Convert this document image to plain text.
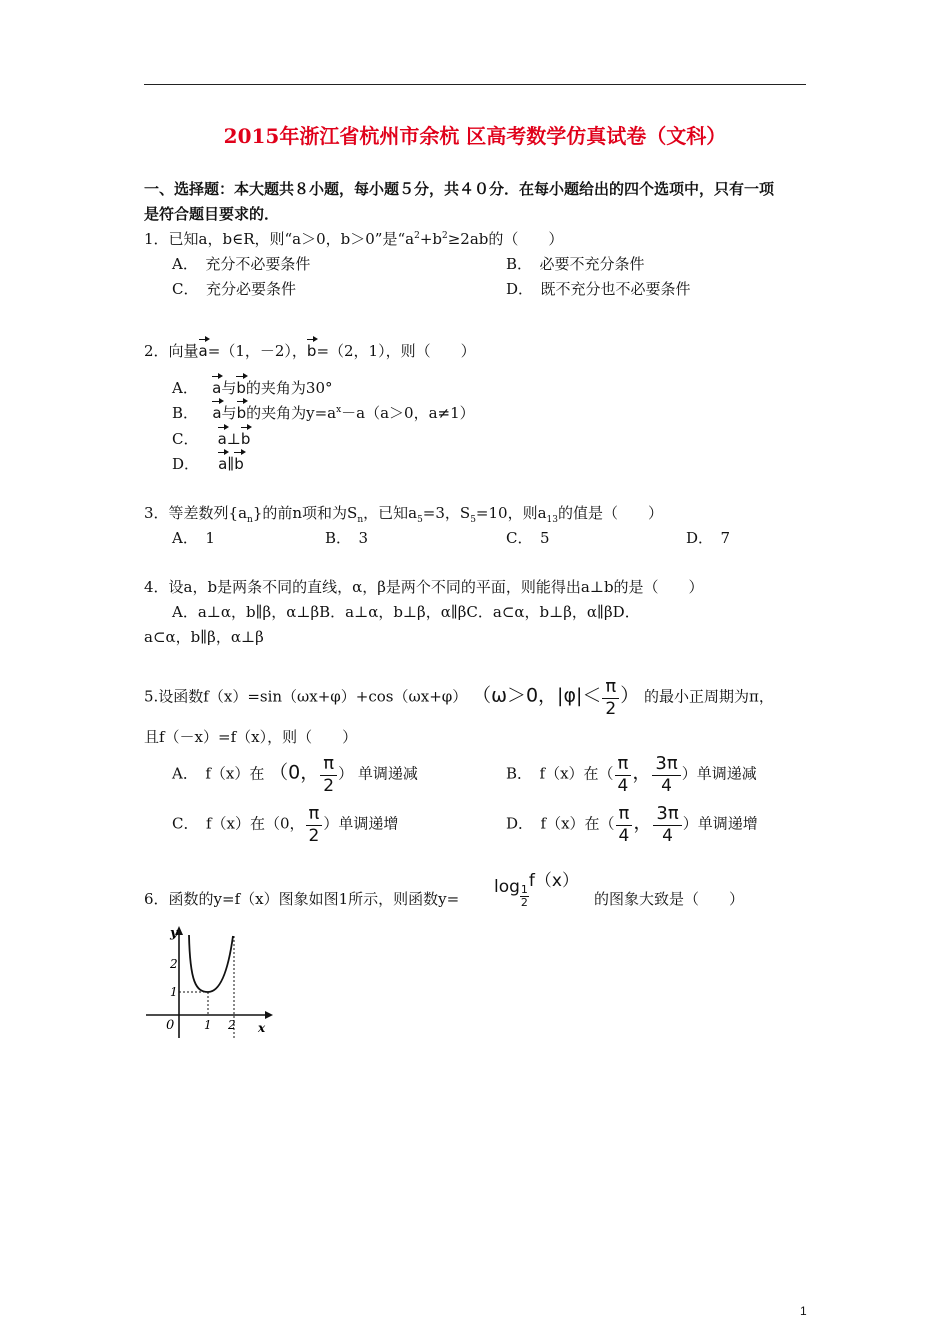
2015年浙江省杭州市余杭 区高考数学仿真试卷（文科）
一、选择题：本大题共８小题，每小题５分，共４０分．在每小题给出的四个选项中，只有一项
是符合题目要求的．
1．已知a，b∈R，则“a＞0，b＞0”是“$a^2+b^2\ge 2ab$的（　　）
A．　充分不必要条件	B．　必要不充分条件
C．　充分必要条件	D．　既不充分也不必要条件
2．向量a=（1，－2），b=（2，1），则（　　）
A． a与b的夹角为30°
B． a与b的夹角为$y=a^x-a(a>0$，a≠1）
C． a⊥b
D． a∥b
3．等差数列$\{a_n\}$的前n项和为$S_n$，已知$a_5=3$，$S_5=10$，则$a_{13}$的值是（　　）
A．　1	B．　3	C．　5	D．　7
4．设a，b是两条不同的直线，α，β是两个不同的平面，则能得出a⊥b的是（　　）
A．a⊥α，b∥β，α⊥βB．a⊥α，b⊥β，α∥βC．a⊂α，b⊥β，α∥βD．
a⊂α，b∥β，α⊥β
5.设函数f（x）=sin（ωx+φ）+cos（ωx+φ） （ω＞0，$|\varphi|< \frac{\pi}{2}$ ） 的最小正周期为π，
且f（－x）=f（x），则（　　）
A．　f（x）在 （0， $\frac{\pi}{2}$ ） 单调递减	B．　f（x）在（ $\frac{\pi}{4}$ ， $\frac{3\pi}{4}$ ）单调递减
C．　f（x）在（0， $\frac{\pi}{2}$ ）单调递增	D．　f（x）在（ $\frac{\pi}{4}$ ， $\frac{3\pi}{4}$ ）单调递增
6．函数的y=f（x）图象如图1所示，则函数y=
$\log \frac{1}{2}$
f（x）
的图象大致是（　　）
y
x
0 1 2
1
2
1
